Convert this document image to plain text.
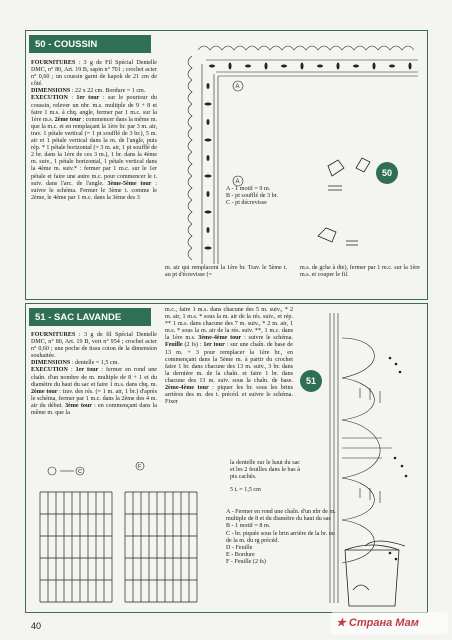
50 - COUSSIN
FOURNITURES : 3 g de Fil Spécial Dentelle DMC, n° 80, Art. 19 B, sapin n° 701 ; crochet acier n° 0,60 ; un coussin garni de kapok de 21 cm de côté.
DIMENSIONS : 22 x 22 cm. Bordure = 1 cm.
EXECUTION : 1er tour : sur le pourtour du coussin, relever un nbr. m.s. multiple de 9 + 8 et faire 1 m.s. à chq. angle, fermer par 1 m.c. sur la 1ère m.s. 2ème tour : commencer dans la même m. que la m.c. et en remplaçant la 1ère br. par 3 m. air, trav. 1 pétale vertical (= 1 pt soufflé de 3 br.), 5 m. air et 1 pétale vertical dans la m. de l'angle, puis rép. * 1 pétale horizontal (= 3 m. air, 1 pt soufflé de 2 br. dans la 1ère de ces 3 m.), 1 br. dans la 4ème m. suiv., 1 pétale horizontal, 1 pétale vertical dans la 4ème m. suiv.* : fermer par 1 m.c. sur le 1er pétale et faire une autre m.c. pour commencer le t. suiv. dans l'arc. de l'angle. 3ème-5ème tour : suivre le schéma. Fermer le 3ème t. comme le 2ème, le 4ème par 1 m.c. dans la 3ème des 3
m. air qui remplacent la 1ère br. Trav. le 5ème t. au pt d'écrevisse (=
m.s. de gche à dte), fermer par 1 m.c. sur la 1ère m.s. et couper le fil.
50
A - 1 motif = 9 m.
B - pt soufflé de 3 br.
C - pt décrevisse
A
A
51 - SAC LAVANDE
FOURNITURES : 3 g de fil Spécial Dentelle DMC, n° 80, Art. 19 B, vert n° 954 ; crochet acier n° 0,60 ; une poche de tissu coton de la dimension souhaitée.
DIMENSIONS : dentelle = 1,5 cm.
EXECUTION : 1er tour : fermer en rond une chaîn. d'un nombre de m. multiple de 8 + 1 et du diamètre du haut du sac et faire 1 m.s. dans chq. m. 2ème tour : trav. des rés. (= 1 m. air, 1 br.) d'après le schéma, fermer par 1 m.c. dans la 2ème des 4 m. air du début. 3ème tour : en commençant dans la même m. que la
m.c., faire 1 m.s. dans chacune des 5 m. suiv., * 2 m. air, 1 m.s. * sous la m. air de la rés. suiv., et rép. ** 1 m.s. dans chacune des 7 m. suiv., * 2 m. air, 1 m.s. * sous la m. air de la rés. suiv. **, 1 m.c. dans la 1ère m.s. 3ème-4ème tour : suivre le schéma. Feuille (2 fs) : 1er tour : sur une chaîn. de base de 13 m. + 3 pour remplacer la 1ère br., en commençant dans la 5ème m. à partir du crochet faire 1 br. dans chacune des 13 m. suiv., 3 br. dans la dernière m. de la chaîn. et faire 1 br. dans chacune des 13 m. suiv. sous la chaîn. de base. 2ème-4ème tour : piquer les br. sous les brins arrières des m. des t. précéd. et suivre le schéma. Fixer
la dentelle sur le haut du sac et les 2 feuilles dans le bas à pts cachés.
5 t. = 1,5 cm
51
A - Fermer en rond une chaîn. d'un nbr de m. multiple de 8 et du diamètre du haut du sac
B - 1 motif = 8 m.
C - br. piquée sous le brin arrière de la br. ou de la m. du rg précéd.
D - Feuille
E - Bordure
F - Feuille (2 fs)
C
F
40	★ Страна Мам
